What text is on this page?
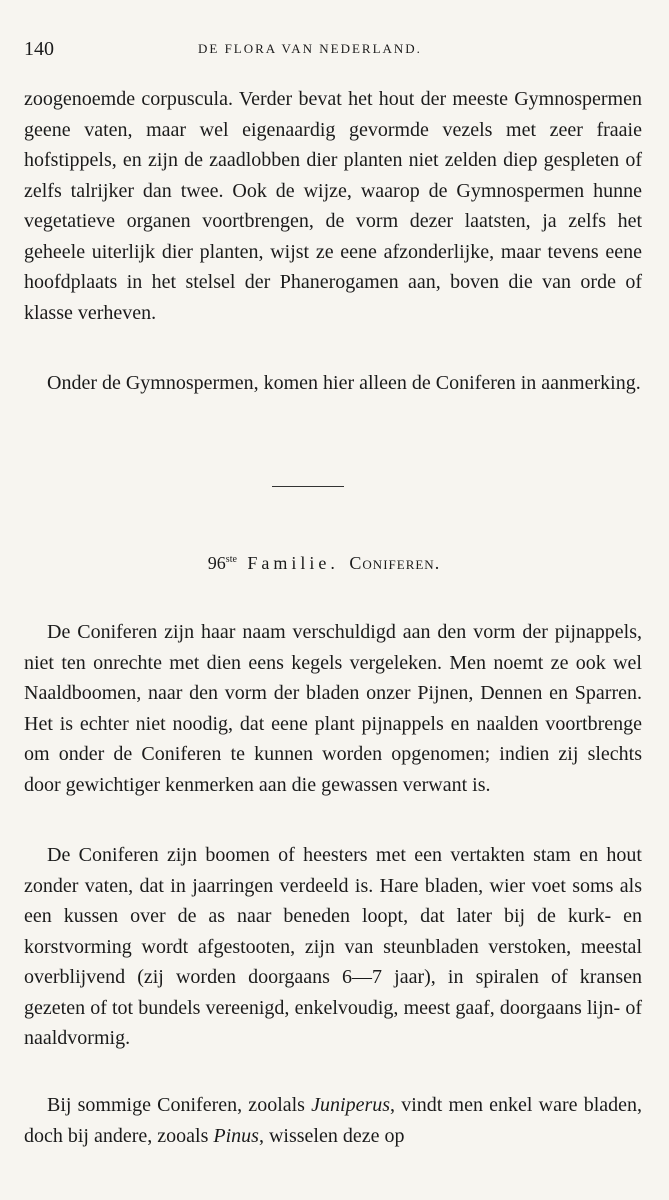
140	DE FLORA VAN NEDERLAND.

zoogenoemde corpuscula. Verder bevat het hout der meeste Gymnospermen geene vaten, maar wel eigenaardig gevormde vezels met zeer fraaie hofstippels, en zijn de zaadlobben dier planten niet zelden diep gespleten of zelfs talrijker dan twee. Ook de wijze, waarop de Gymnospermen hunne vegetatieve organen voortbrengen, de vorm dezer laatsten, ja zelfs het geheele uiterlijk dier planten, wijst ze eene afzonderlijke, maar tevens eene hoofdplaats in het stelsel der Phanerogamen aan, boven die van orde of klasse verheven.

Onder de Gymnospermen, komen hier alleen de Coniferen in aanmerking.

96ste Familie. Coniferen.

De Coniferen zijn haar naam verschuldigd aan den vorm der pijnappels, niet ten onrechte met dien eens kegels vergeleken. Men noemt ze ook wel Naaldboomen, naar den vorm der bladen onzer Pijnen, Dennen en Sparren. Het is echter niet noodig, dat eene plant pijnappels en naalden voortbrenge om onder de Coniferen te kunnen worden opgenomen; indien zij slechts door gewichtiger kenmerken aan die gewassen verwant is.

De Coniferen zijn boomen of heesters met een vertakten stam en hout zonder vaten, dat in jaarringen verdeeld is. Hare bladen, wier voet soms als een kussen over de as naar beneden loopt, dat later bij de kurk- en korstvorming wordt afgestooten, zijn van steunbladen verstoken, meestal overblijvend (zij worden doorgaans 6—7 jaar), in spiralen of kransen gezeten of tot bundels vereenigd, enkelvoudig, meest gaaf, doorgaans lijn- of naaldvormig.

Bij sommige Coniferen, zoolals Juniperus, vindt men enkel ware bladen, doch bij andere, zooals Pinus, wisselen deze op
